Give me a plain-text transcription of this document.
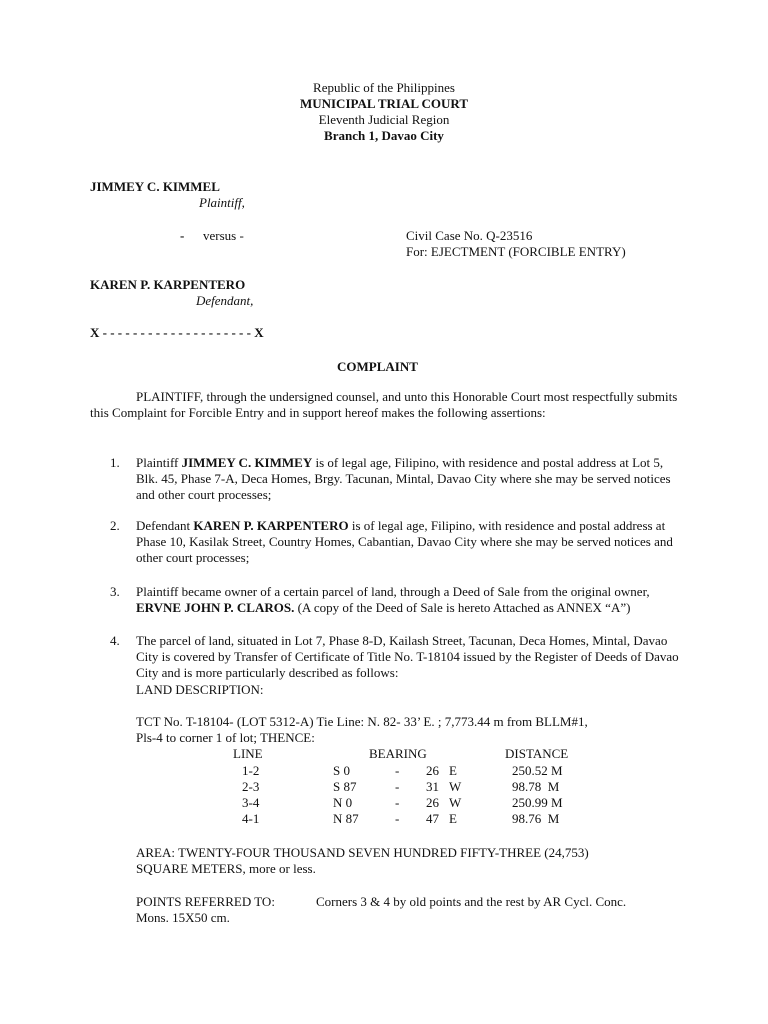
Republic of the Philippines
MUNICIPAL TRIAL COURT
Eleventh Judicial Region
Branch 1, Davao City
JIMMEY C. KIMMEL
Plaintiff,
- versus -	Civil Case No. Q-23516
For: EJECTMENT (FORCIBLE ENTRY)
KAREN P. KARPENTERO
Defendant,
X - - - - - - - - - - - - - - - - - - - - X
COMPLAINT
PLAINTIFF, through the undersigned counsel, and unto this Honorable Court most respectfully submits this Complaint for Forcible Entry and in support hereof makes the following assertions:
1. Plaintiff JIMMEY C. KIMMEY is of legal age, Filipino, with residence and postal address at Lot 5, Blk. 45, Phase 7-A, Deca Homes, Brgy. Tacunan, Mintal, Davao City where she may be served notices and other court processes;
2. Defendant KAREN P. KARPENTERO is of legal age, Filipino, with residence and postal address at Phase 10, Kasilak Street, Country Homes, Cabantian, Davao City where she may be served notices and other court processes;
3. Plaintiff became owner of a certain parcel of land, through a Deed of Sale from the original owner, ERVNE JOHN P. CLAROS. (A copy of the Deed of Sale is hereto Attached as ANNEX “A”)
4. The parcel of land, situated in Lot 7, Phase 8-D, Kailash Street, Tacunan, Deca Homes, Mintal, Davao City is covered by Transfer of Certificate of Title No. T-18104 issued by the Register of Deeds of Davao City and is more particularly described as follows:
LAND DESCRIPTION:
TCT No. T-18104- (LOT 5312-A) Tie Line: N. 82- 33’ E. ; 7,773.44 m from BLLM#1,
Pls-4 to corner 1 of lot; THENCE:
LINE	BEARING	DISTANCE
1-2	S 0	- 26 E	250.52 M
2-3	S 87	- 31 W	98.78  M
3-4	N 0	- 26 W	250.99 M
4-1	N 87	- 47 E	98.76  M
AREA: TWENTY-FOUR THOUSAND SEVEN HUNDRED FIFTY-THREE (24,753)
SQUARE METERS, more or less.
POINTS REFERRED TO:	Corners 3 & 4 by old points and the rest by AR Cycl. Conc.
Mons. 15X50 cm.
